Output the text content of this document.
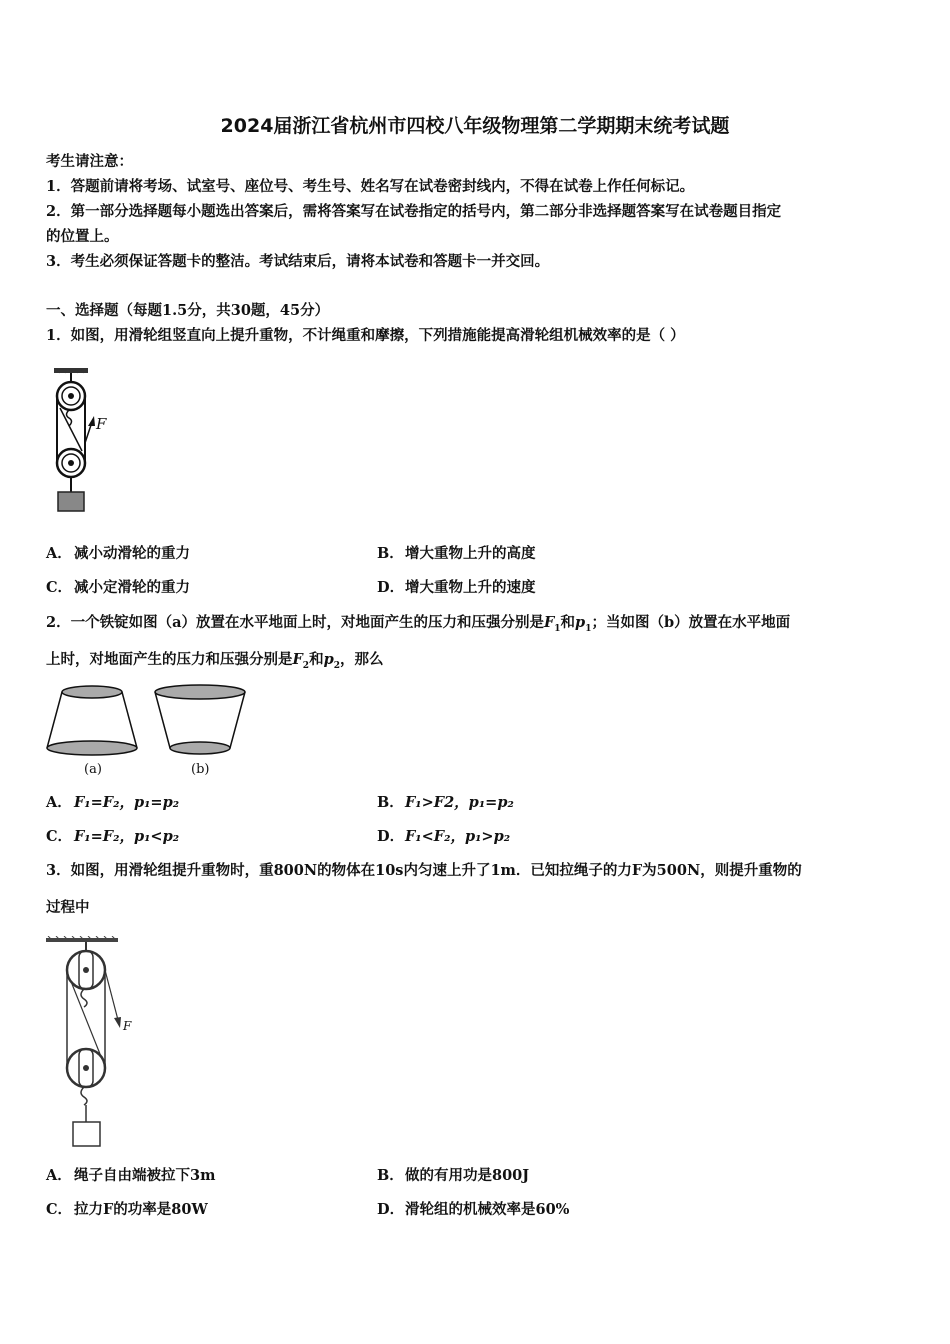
2024届浙江省杭州市四校八年级物理第二学期期末统考试题
考生请注意：
1．答题前请将考场、试室号、座位号、考生号、姓名写在试卷密封线内，不得在试卷上作任何标记。
2．第一部分选择题每小题选出答案后，需将答案写在试卷指定的括号内，第二部分非选择题答案写在试卷题目指定
的位置上。
3．考生必须保证答题卡的整洁。考试结束后，请将本试卷和答题卡一并交回。
一、选择题（每题1.5分，共30题，45分）
1．如图，用滑轮组竖直向上提升重物，不计绳重和摩擦，下列措施能提高滑轮组机械效率的是（ ）
F
A． 减小动滑轮的重力	B．增大重物上升的高度
C． 减小定滑轮的重力	D．增大重物上升的速度
2．一个铁锭如图（a）放置在水平地面上时，对地面产生的压力和压强分别是$F_1$和$p_1$；当如图（b）放置在水平地面
上时，对地面产生的压力和压强分别是$F_2$和$p_2$，那么
(a)	(b)
A． F₁=F₂，p₁=p₂	B．F₁>F2，p₁=p₂
C． F₁=F₂，p₁<p₂	D．F₁<F₂，p₁>p₂
3．如图，用滑轮组提升重物时，重800N的物体在10s内匀速上升了1m．已知拉绳子的力F为500N，则提升重物的
过程中
F
A． 绳子自由端被拉下3m	B．做的有用功是800J
C． 拉力F的功率是80W	D．滑轮组的机械效率是60%
